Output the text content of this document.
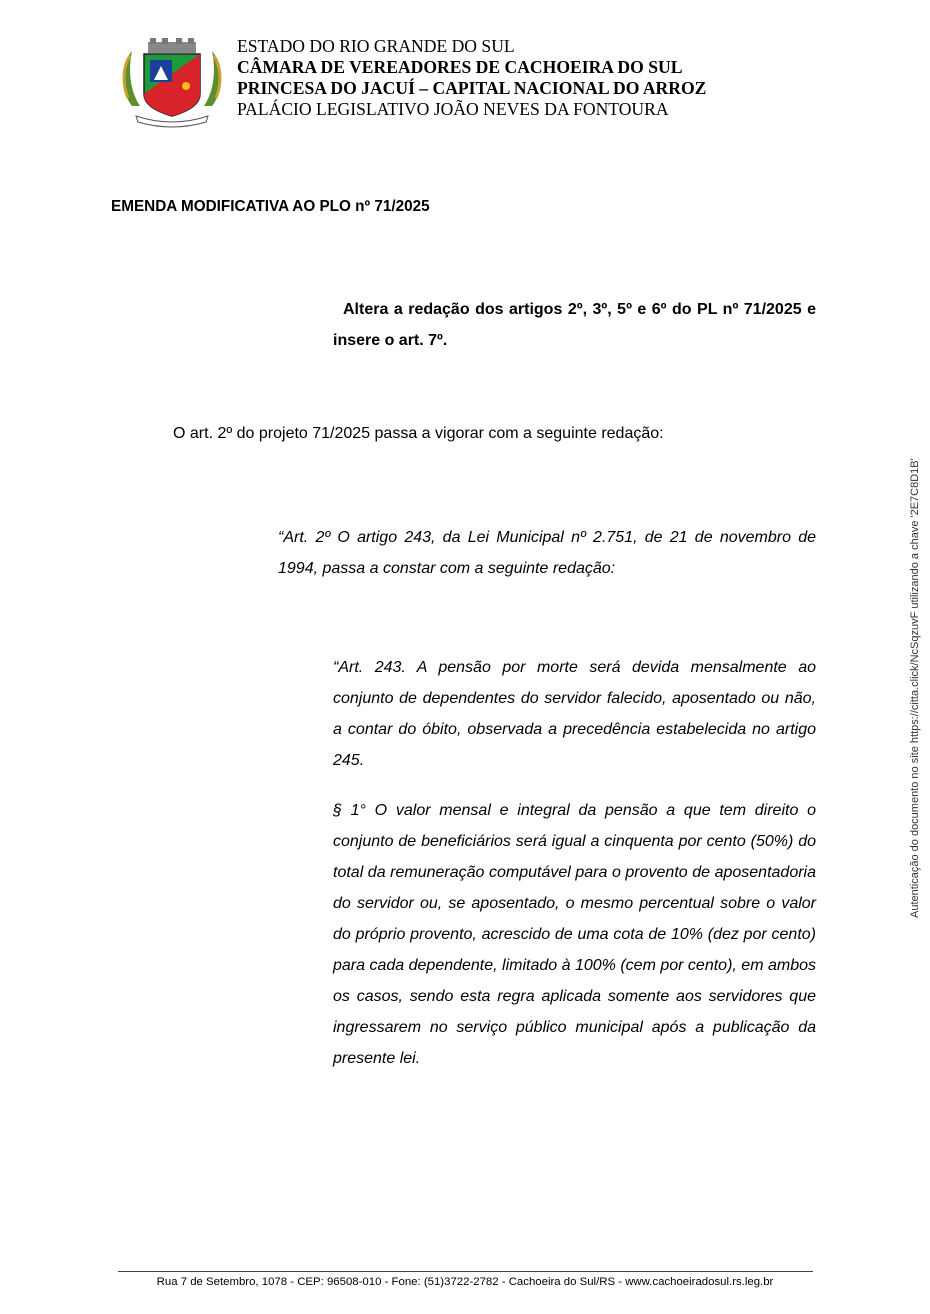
ESTADO DO RIO GRANDE DO SUL
CÂMARA DE VEREADORES DE CACHOEIRA DO SUL
PRINCESA DO JACUÍ – CAPITAL NACIONAL DO ARROZ
PALÁCIO LEGISLATIVO JOÃO NEVES DA FONTOURA
EMENDA MODIFICATIVA AO PLO nº 71/2025

Altera a redação dos artigos 2º, 3º, 5º e 6º do PL nº 71/2025 e insere o art. 7º.

O art. 2º do projeto 71/2025 passa a vigorar com a seguinte redação:

“Art. 2º O artigo 243, da Lei Municipal nº 2.751, de 21 de novembro de 1994, passa a constar com a seguinte redação:

“Art. 243. A pensão por morte será devida mensalmente ao conjunto de dependentes do servidor falecido, aposentado ou não, a contar do óbito, observada a precedência estabelecida no artigo 245.

§ 1° O valor mensal e integral da pensão a que tem direito o conjunto de beneficiários será igual a cinquenta por cento (50%) do total da remuneração computável para o provento de aposentadoria do servidor ou, se aposentado, o mesmo percentual sobre o valor do próprio provento, acrescido de uma cota de 10% (dez por cento) para cada dependente, limitado à 100% (cem por cento), em ambos os casos, sendo esta regra aplicada somente aos servidores que ingressarem no serviço público municipal após a publicação da presente lei.

Autenticação do documento no site https://citta.click/NcSqzuvF utilizando a chave '2E7C8D1B'
Rua 7 de Setembro, 1078 - CEP: 96508-010 - Fone: (51)3722-2782 - Cachoeira do Sul/RS - www.cachoeiradosul.rs.leg.br
